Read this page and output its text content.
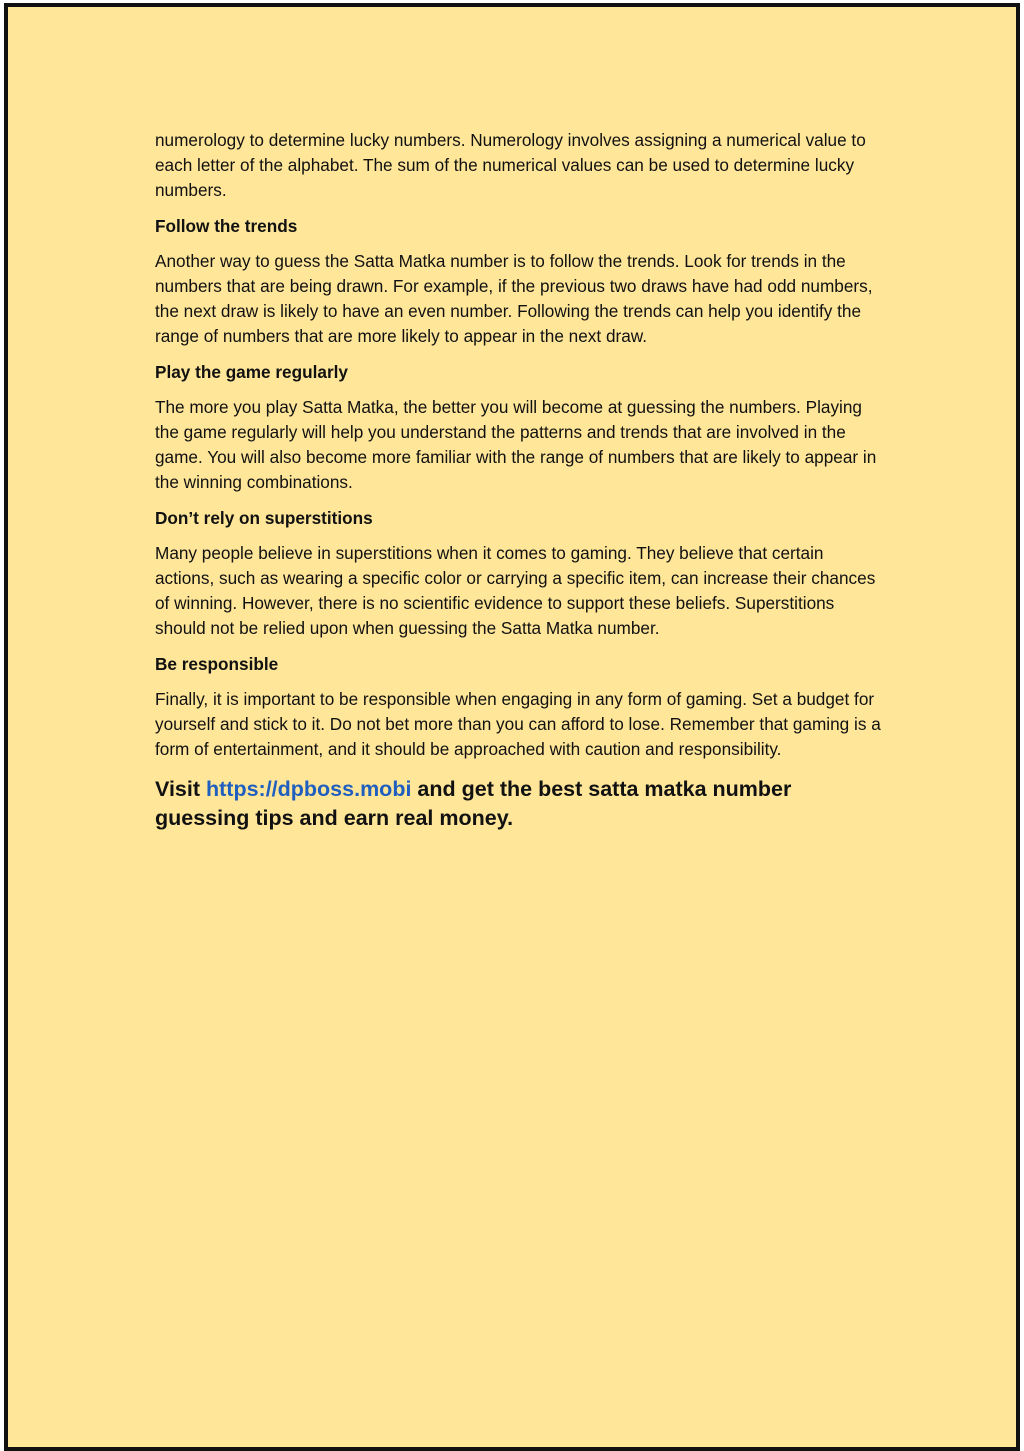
numerology to determine lucky numbers. Numerology involves assigning a numerical value to each letter of the alphabet. The sum of the numerical values can be used to determine lucky numbers.

Follow the trends

Another way to guess the Satta Matka number is to follow the trends. Look for trends in the numbers that are being drawn. For example, if the previous two draws have had odd numbers, the next draw is likely to have an even number. Following the trends can help you identify the range of numbers that are more likely to appear in the next draw.

Play the game regularly

The more you play Satta Matka, the better you will become at guessing the numbers. Playing the game regularly will help you understand the patterns and trends that are involved in the game. You will also become more familiar with the range of numbers that are likely to appear in the winning combinations.

Don’t rely on superstitions

Many people believe in superstitions when it comes to gaming. They believe that certain actions, such as wearing a specific color or carrying a specific item, can increase their chances of winning. However, there is no scientific evidence to support these beliefs. Superstitions should not be relied upon when guessing the Satta Matka number.

Be responsible

Finally, it is important to be responsible when engaging in any form of gaming. Set a budget for yourself and stick to it. Do not bet more than you can afford to lose. Remember that gaming is a form of entertainment, and it should be approached with caution and responsibility.

Visit https://dpboss.mobi and get the best satta matka number guessing tips and earn real money.
